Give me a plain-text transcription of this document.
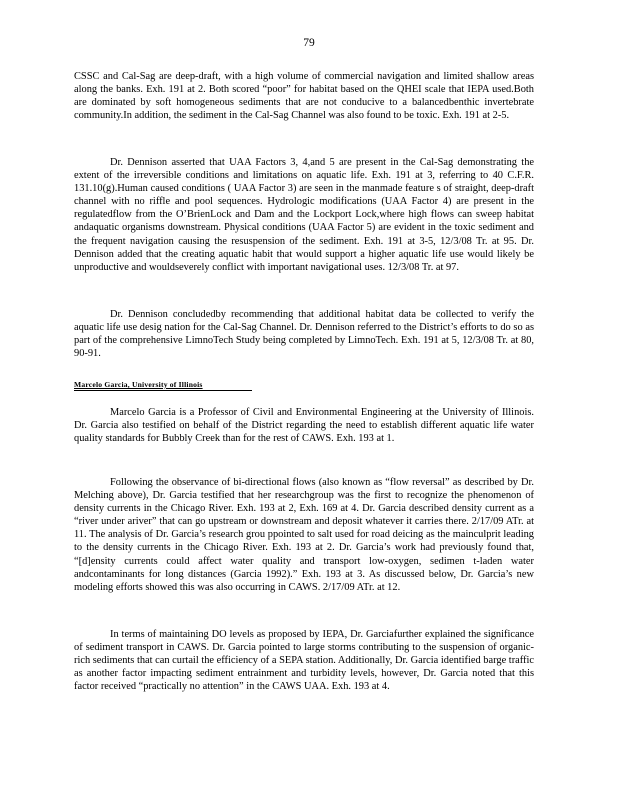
79

CSSC and Cal-Sag are deep-draft, with a high volume of commercial navigation and limited shallow areas along the banks. Exh. 191 at 2. Both scored “poor” for habitat based on the QHEI scale that IEPA used.Both are dominated by soft homogeneous sediments that are not conducive to a balancedbenthic invertebrate community.In addition, the sediment in the Cal-Sag Channel was also found to be toxic. Exh. 191 at 2-5.

Dr. Dennison asserted that UAA Factors 3, 4,and 5 are present in the Cal-Sag demonstrating the extent of the irreversible conditions and limitations on aquatic life. Exh. 191 at 3, referring to 40 C.F.R. 131.10(g).Human caused conditions ( UAA Factor 3) are seen in the manmade feature s of straight, deep-draft channel with no riffle and pool sequences. Hydrologic modifications (UAA Factor 4) are present in the regulatedflow from the O’BrienLock and Dam and the Lockport Lock,where high flows can sweep habitat andaquatic organisms downstream. Physical conditions (UAA Factor 5) are evident in the toxic sediment and the frequent navigation causing the resuspension of the sediment. Exh. 191 at 3-5, 12/3/08 Tr. at 95. Dr. Dennison added that the creating aquatic habit that would support a higher aquatic life use would likely be unproductive and wouldseverely conflict with important navigational uses. 12/3/08 Tr. at 97.

Dr. Dennison concludedby recommending that additional habitat data be collected to verify the aquatic life use desig nation for the Cal-Sag Channel. Dr. Dennison referred to the District’s efforts to do so as part of the comprehensive LimnoTech Study being completed by LimnoTech. Exh. 191 at 5, 12/3/08 Tr. at 80, 90-91.

Marcelo Garcia, University of Illinois

Marcelo Garcia is a Professor of Civil and Environmental Engineering at the University of Illinois. Dr. Garcia also testified on behalf of the District regarding the need to establish different aquatic life water quality standards for Bubbly Creek than for the rest of CAWS. Exh. 193 at 1.

Following the observance of bi-directional flows (also known as “flow reversal” as described by Dr. Melching above), Dr. Garcia testified that her researchgroup was the first to recognize the phenomenon of density currents in the Chicago River. Exh. 193 at 2, Exh. 169 at 4. Dr. Garcia described density current as a “river under ariver” that can go upstream or downstream and deposit whatever it carries there. 2/17/09 ATr. at 11. The analysis of Dr. Garcia’s research grou ppointed to salt used for road deicing as the mainculprit leading to the density currents in the Chicago River. Exh. 193 at 2. Dr. Garcia’s work had previously found that, “[d]ensity currents could affect water quality and transport low-oxygen, sedimen t-laden water andcontaminants for long distances (Garcia 1992).” Exh. 193 at 3. As discussed below, Dr. Garcia’s new modeling efforts showed this was also occurring in CAWS. 2/17/09 ATr. at 12.

In terms of maintaining DO levels as proposed by IEPA, Dr. Garciafurther explained the significance of sediment transport in CAWS. Dr. Garcia pointed to large storms contributing to the suspension of organic-rich sediments that can curtail the efficiency of a SEPA station. Additionally, Dr. Garcia identified barge traffic as another factor impacting sediment entrainment and turbidity levels, however, Dr. Garcia noted that this factor received “practically no attention” in the CAWS UAA. Exh. 193 at 4.
